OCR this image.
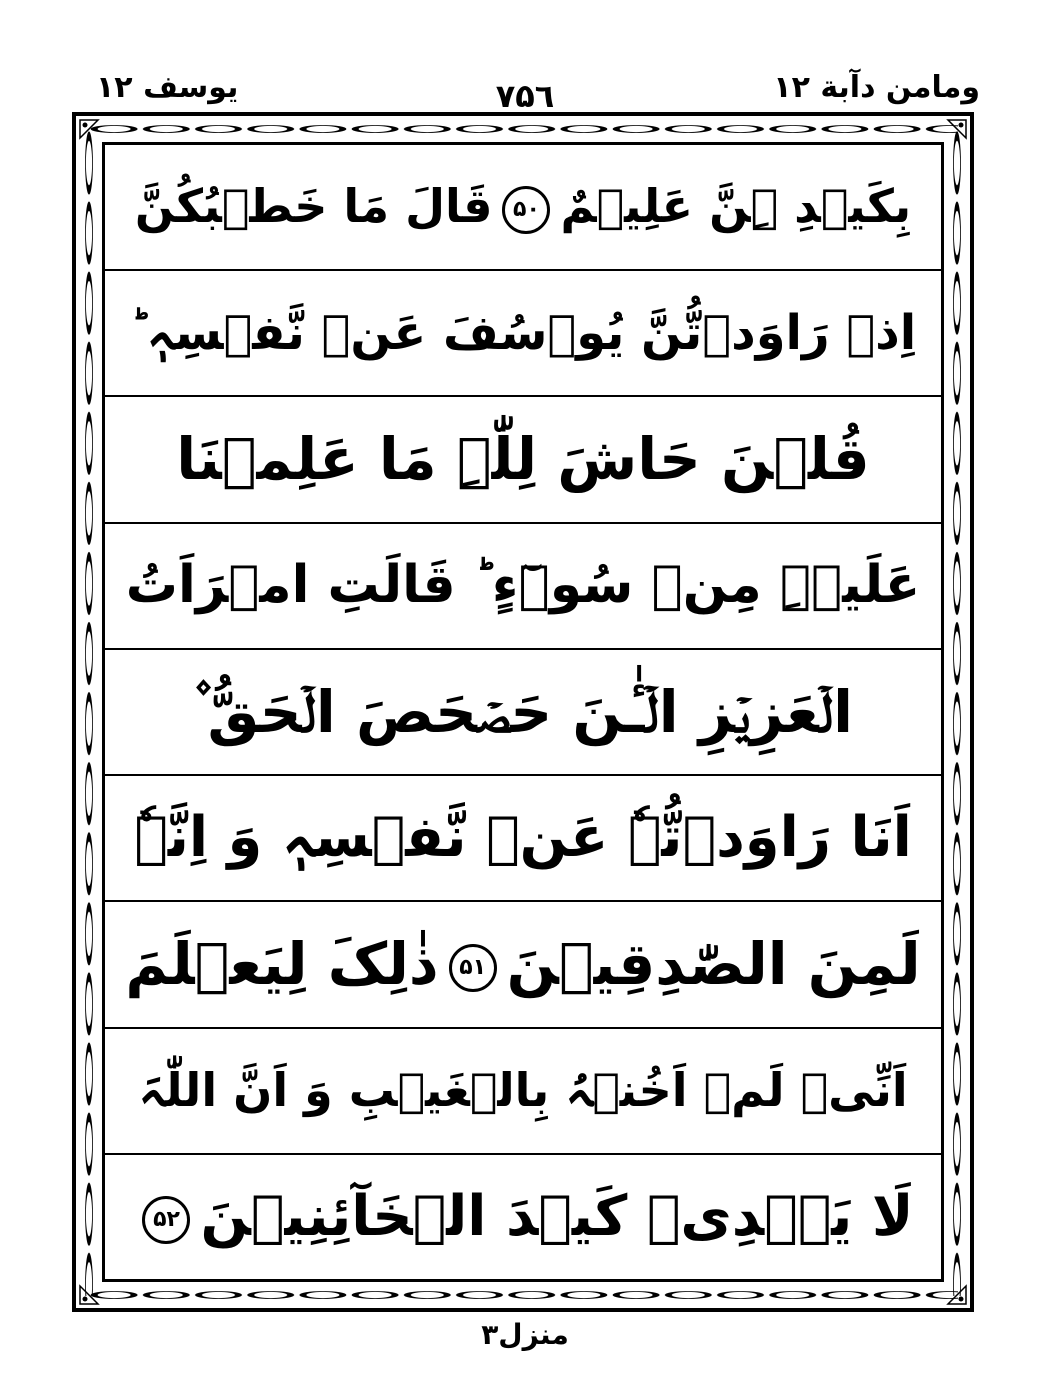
ومامن دآبة ۱۲
۷۵٦
یوسف ۱۲
بِکَیۡدِ ہِنَّ عَلِیۡمٌ۵۰قَالَ مَا خَطۡبُکُنَّ
اِذۡ رَاوَدۡتُّنَّ یُوۡسُفَ عَنۡ نَّفۡسِہٖ ؕ
قُلۡنَ حَاشَ لِلّٰہِ مَا عَلِمۡنَا
عَلَیۡہِ مِنۡ سُوۡٓءٍ ؕ قَالَتِ امۡرَاَتُ
الۡعَزِیۡزِ الۡـٰٔنَ حَصۡحَصَ الۡحَقُّ ۫
اَنَا رَاوَدۡتُّہٗ عَنۡ نَّفۡسِہٖ وَ اِنَّہٗ
لَمِنَ الصّٰدِقِیۡنَ۵۱ذٰلِکَ لِیَعۡلَمَ
اَنِّیۡ لَمۡ اَخُنۡہُ بِالۡغَیۡبِ وَ اَنَّ اللّٰہَ
لَا یَہۡدِیۡ کَیۡدَ الۡخَآئِنِیۡنَ۵۲
منزل۳
